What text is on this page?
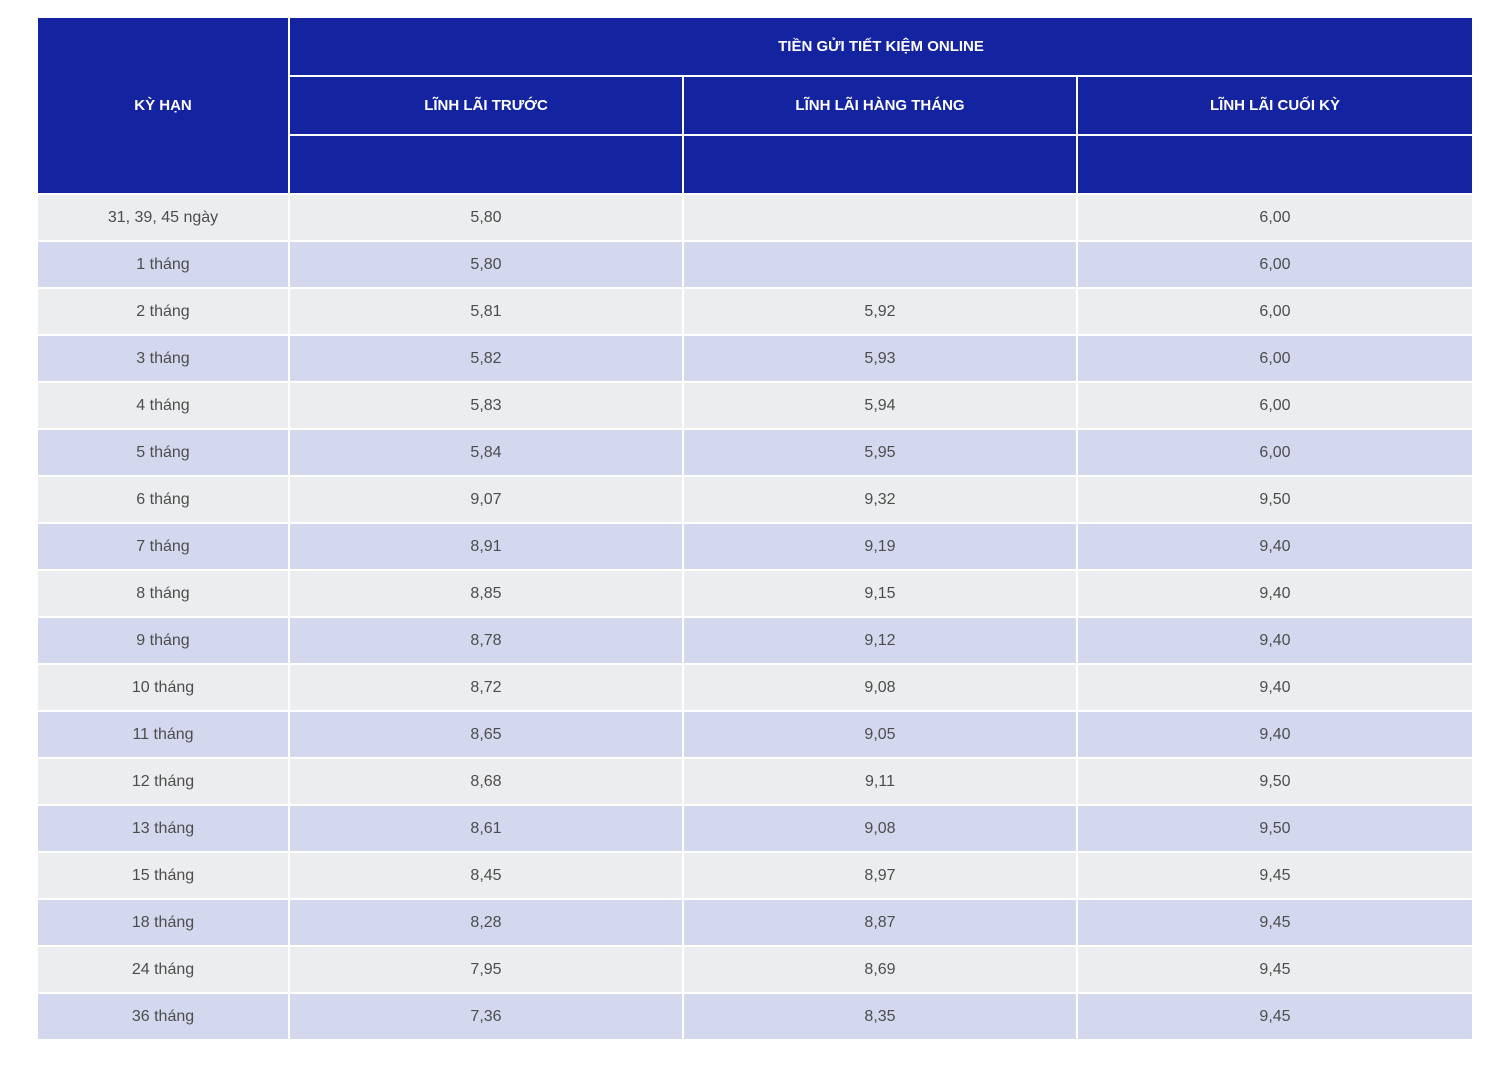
KỲ HẠN	TIỀN GỬI TIẾT KIỆM ONLINE		
	LĨNH LÃI TRƯỚC	LĨNH LÃI HÀNG THÁNG	LĨNH LÃI CUỐI KỲ

31, 39, 45 ngày	5,80		6,00
1 tháng	5,80		6,00
2 tháng	5,81	5,92	6,00
3 tháng	5,82	5,93	6,00
4 tháng	5,83	5,94	6,00
5 tháng	5,84	5,95	6,00
6 tháng	9,07	9,32	9,50
7 tháng	8,91	9,19	9,40
8 tháng	8,85	9,15	9,40
9 tháng	8,78	9,12	9,40
10 tháng	8,72	9,08	9,40
11 tháng	8,65	9,05	9,40
12 tháng	8,68	9,11	9,50
13 tháng	8,61	9,08	9,50
15 tháng	8,45	8,97	9,45
18 tháng	8,28	8,87	9,45
24 tháng	7,95	8,69	9,45
36 tháng	7,36	8,35	9,45
